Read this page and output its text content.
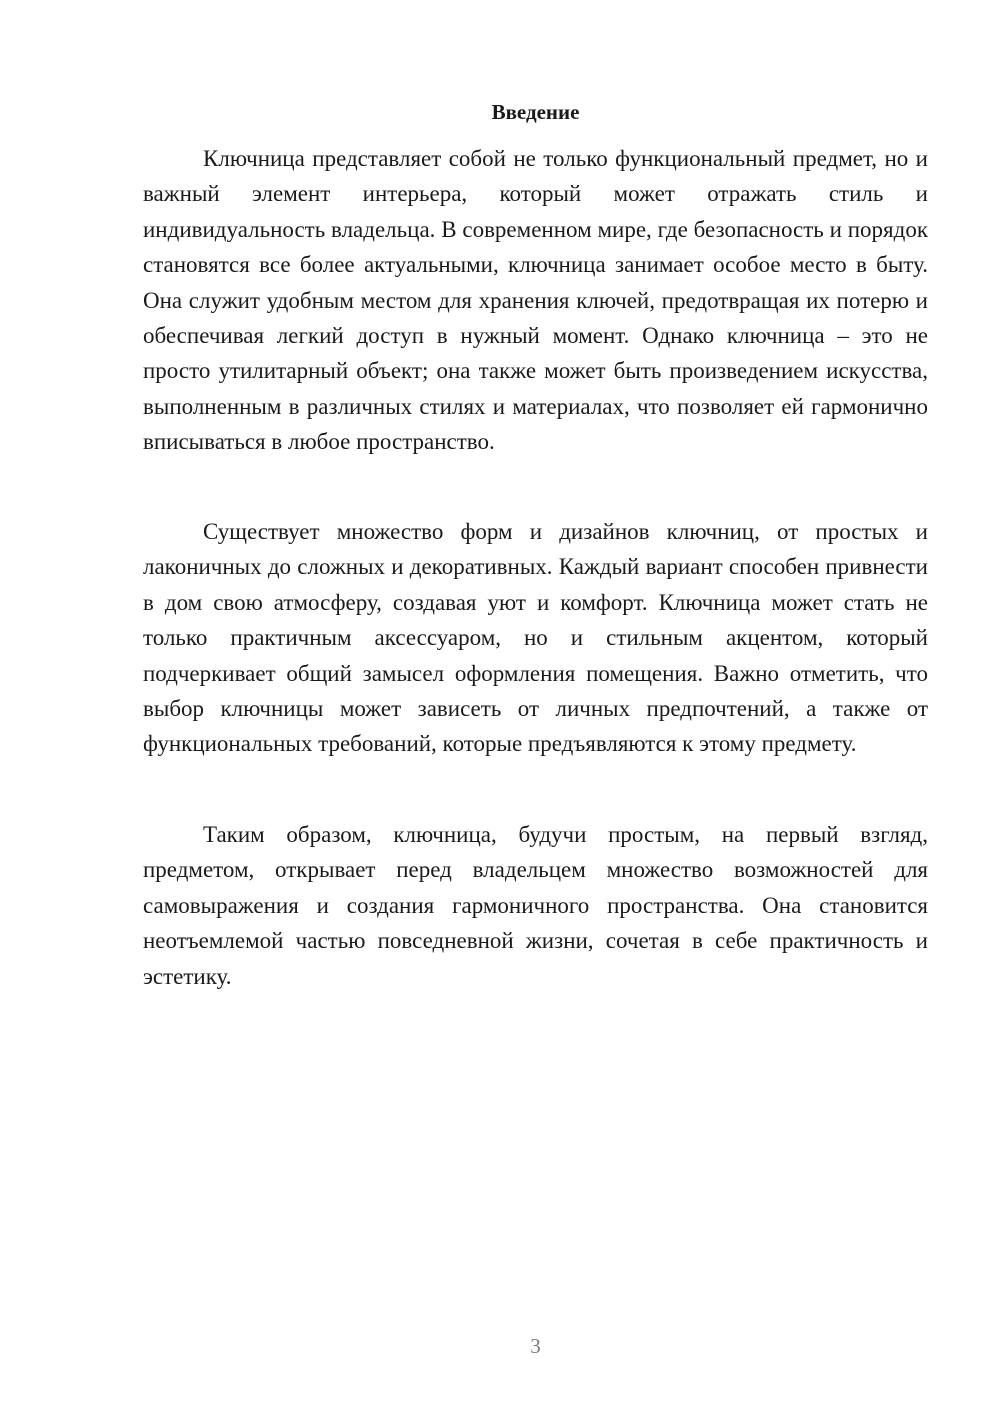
Введение

Ключница представляет собой не только функциональный предмет, но и важный элемент интерьера, который может отражать стиль и индивидуальность владельца. В современном мире, где безопасность и порядок становятся все более актуальными, ключница занимает особое место в быту. Она служит удобным местом для хранения ключей, предотвращая их потерю и обеспечивая легкий доступ в нужный момент. Однако ключница – это не просто утилитарный объект; она также может быть произведением искусства, выполненным в различных стилях и материалах, что позволяет ей гармонично вписываться в любое пространство.

Существует множество форм и дизайнов ключниц, от простых и лаконичных до сложных и декоративных. Каждый вариант способен привнести в дом свою атмосферу, создавая уют и комфорт. Ключница может стать не только практичным аксессуаром, но и стильным акцентом, который подчеркивает общий замысел оформления помещения. Важно отметить, что выбор ключницы может зависеть от личных предпочтений, а также от функциональных требований, которые предъявляются к этому предмету.

Таким образом, ключница, будучи простым, на первый взгляд, предметом, открывает перед владельцем множество возможностей для самовыражения и создания гармоничного пространства. Она становится неотъемлемой частью повседневной жизни, сочетая в себе практичность и эстетику.

3
